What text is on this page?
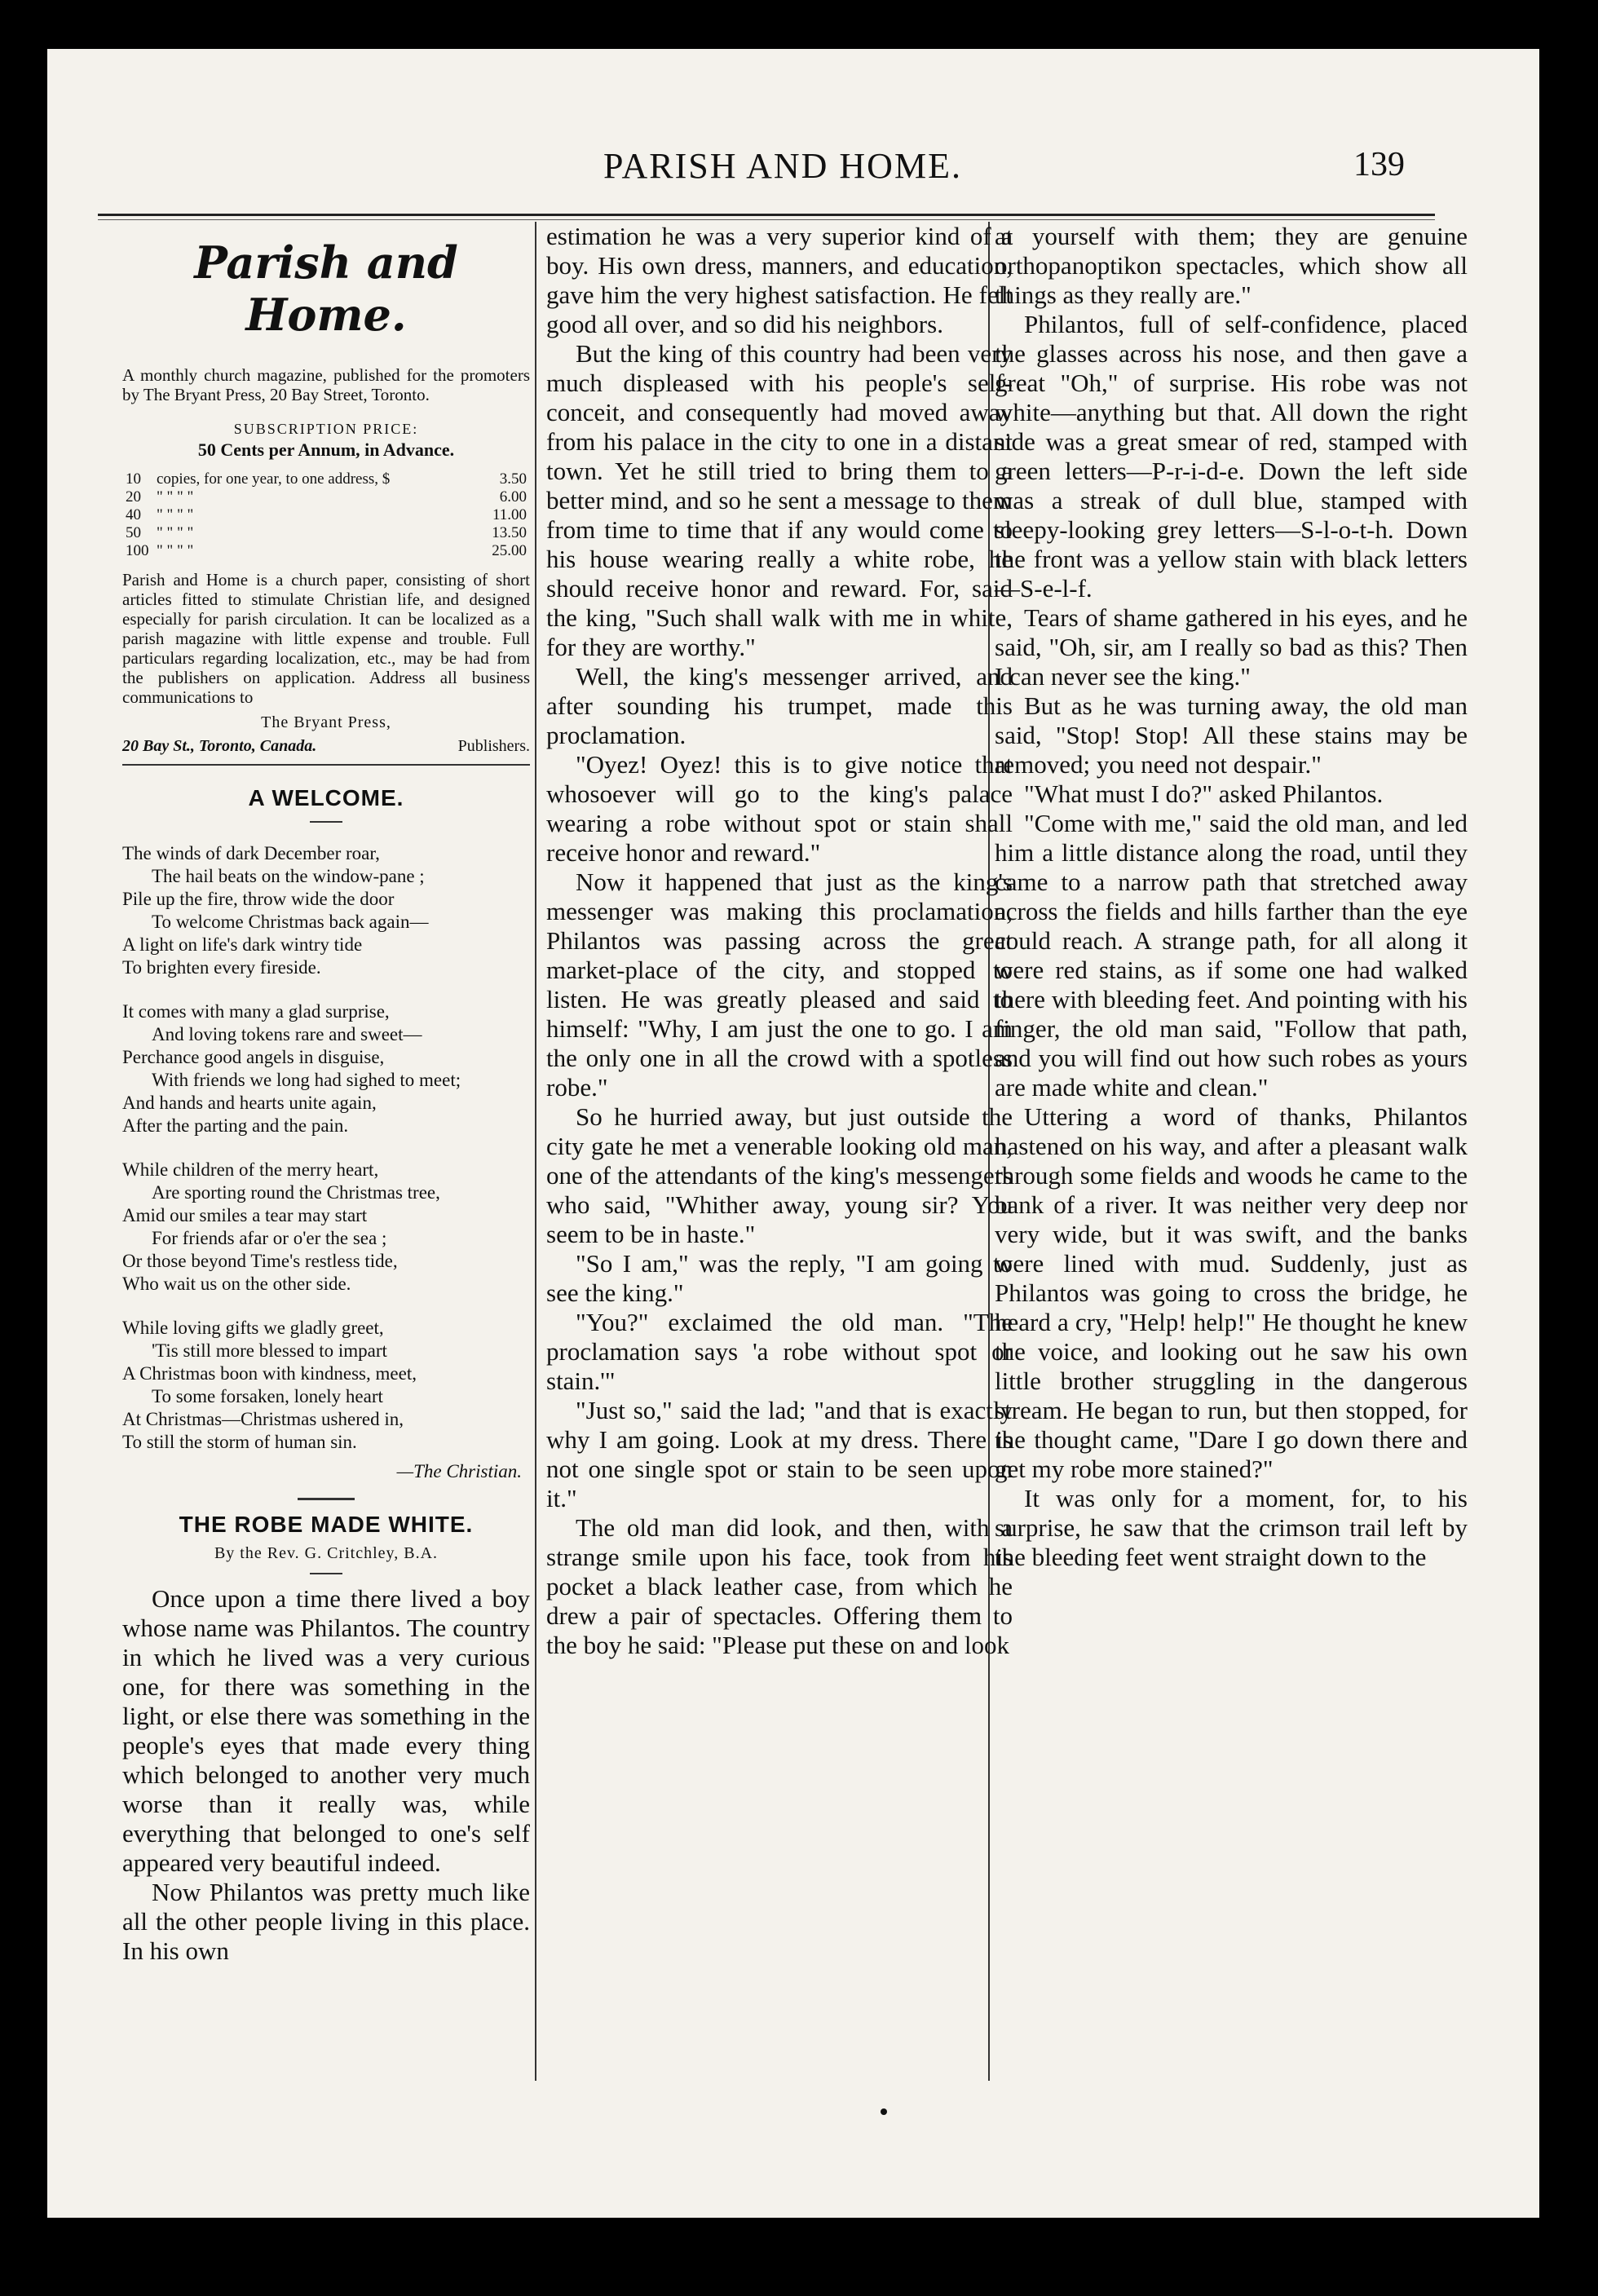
PARISH AND HOME.	139
Parish and Home.
A monthly church magazine, published for the promoters by The Bryant Press, 20 Bay Street, Toronto.
SUBSCRIPTION PRICE:
50 Cents per Annum, in Advance.
10	copies, for one year, to one address, $	3.50
20	" " " "	6.00
40	" " " "	11.00
50	" " " "	13.50
100	" " " "	25.00
Parish and Home is a church paper, consisting of short articles fitted to stimulate Christian life, and designed especially for parish circulation. It can be localized as a parish magazine with little expense and trouble. Full particulars regarding localization, etc., may be had from the publishers on application. Address all business communications to
The Bryant Press,
20 Bay St., Toronto, Canada.	Publishers.
A WELCOME.
The winds of dark December roar,
The hail beats on the window-pane ;
Pile up the fire, throw wide the door
To welcome Christmas back again—
A light on life's dark wintry tide
To brighten every fireside.
It comes with many a glad surprise,
And loving tokens rare and sweet—
Perchance good angels in disguise,
With friends we long had sighed to meet;
And hands and hearts unite again,
After the parting and the pain.
While children of the merry heart,
Are sporting round the Christmas tree,
Amid our smiles a tear may start
For friends afar or o'er the sea ;
Or those beyond Time's restless tide,
Who wait us on the other side.
While loving gifts we gladly greet,
'Tis still more blessed to impart
A Christmas boon with kindness, meet,
To some forsaken, lonely heart
At Christmas—Christmas ushered in,
To still the storm of human sin.
—The Christian.
THE ROBE MADE WHITE.
By the Rev. G. Critchley, B.A.

Once upon a time there lived a boy whose name was Philantos. The country in which he lived was a very curious one, for there was something in the light, or else there was something in the people's eyes that made every thing which belonged to another very much worse than it really was, while everything that belonged to one's self appeared very beautiful indeed.

Now Philantos was pretty much like all the other people living in this place. In his own

estimation he was a very superior kind of a boy. His own dress, manners, and education, gave him the very highest satisfaction. He felt good all over, and so did his neighbors.

But the king of this country had been very much displeased with his people's self-conceit, and consequently had moved away from his palace in the city to one in a distant town. Yet he still tried to bring them to a better mind, and so he sent a message to them from time to time that if any would come to his house wearing really a white robe, he should receive honor and reward. For, said the king, "Such shall walk with me in white, for they are worthy."

Well, the king's messenger arrived, and after sounding his trumpet, made this proclamation.

"Oyez! Oyez! this is to give notice that whosoever will go to the king's palace wearing a robe without spot or stain shall receive honor and reward."

Now it happened that just as the king's messenger was making this proclamation, Philantos was passing across the great market-place of the city, and stopped to listen. He was greatly pleased and said to himself: "Why, I am just the one to go. I am the only one in all the crowd with a spotless robe."

So he hurried away, but just outside the city gate he met a venerable looking old man, one of the attendants of the king's messengers who said, "Whither away, young sir? You seem to be in haste."

"So I am," was the reply, "I am going to see the king."

"You?" exclaimed the old man. "The proclamation says 'a robe without spot or stain.'"

"Just so," said the lad; "and that is exactly why I am going. Look at my dress. There is not one single spot or stain to be seen upon it."

The old man did look, and then, with a strange smile upon his face, took from his pocket a black leather case, from which he drew a pair of spectacles. Offering them to the boy he said: "Please put these on and look

at yourself with them; they are genuine orthopanoptikon spectacles, which show all things as they really are."

Philantos, full of self-confidence, placed the glasses across his nose, and then gave a great "Oh," of surprise. His robe was not white—anything but that. All down the right side was a great smear of red, stamped with green letters—P-r-i-d-e. Down the left side was a streak of dull blue, stamped with sleepy-looking grey letters—S-l-o-t-h. Down the front was a yellow stain with black letters—S-e-l-f.

Tears of shame gathered in his eyes, and he said, "Oh, sir, am I really so bad as this? Then I can never see the king."

But as he was turning away, the old man said, "Stop! Stop! All these stains may be removed; you need not despair."

"What must I do?" asked Philantos.

"Come with me," said the old man, and led him a little distance along the road, until they came to a narrow path that stretched away across the fields and hills farther than the eye could reach. A strange path, for all along it were red stains, as if some one had walked there with bleeding feet. And pointing with his finger, the old man said, "Follow that path, and you will find out how such robes as yours are made white and clean."

Uttering a word of thanks, Philantos hastened on his way, and after a pleasant walk through some fields and woods he came to the bank of a river. It was neither very deep nor very wide, but it was swift, and the banks were lined with mud. Suddenly, just as Philantos was going to cross the bridge, he heard a cry, "Help! help!" He thought he knew the voice, and looking out he saw his own little brother struggling in the dangerous stream. He began to run, but then stopped, for the thought came, "Dare I go down there and get my robe more stained?"

It was only for a moment, for, to his surprise, he saw that the crimson trail left by the bleeding feet went straight down to the
